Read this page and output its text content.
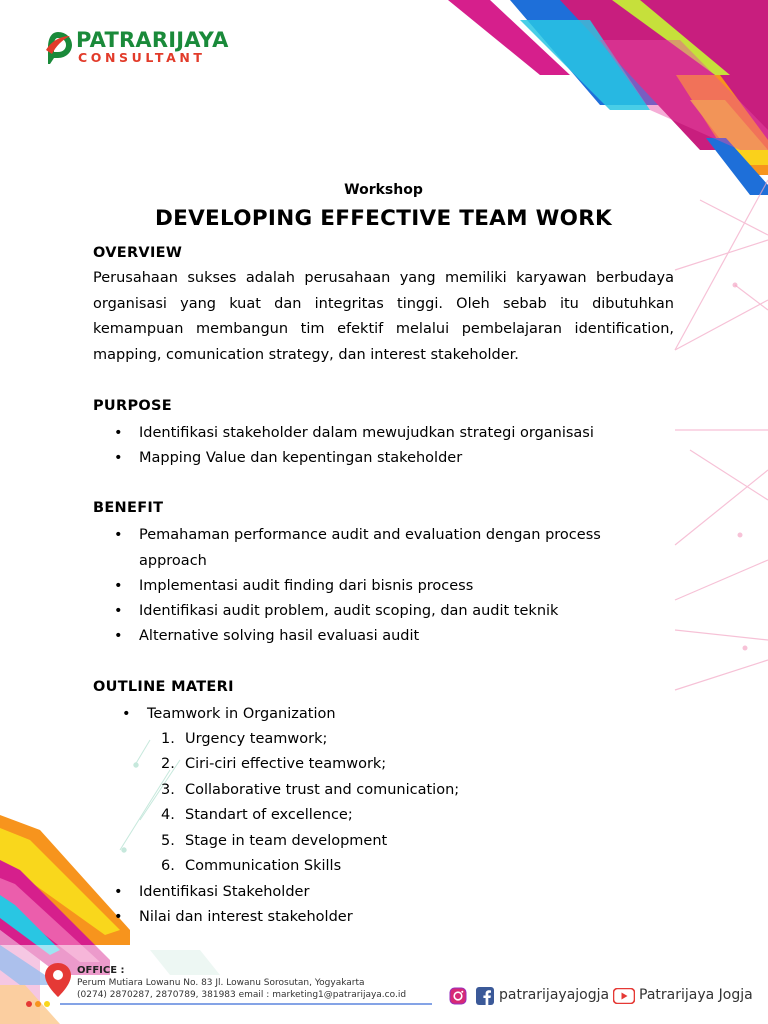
PATRARIJAYA
CONSULTANT
Workshop
DEVELOPING EFFECTIVE TEAM WORK
OVERVIEW

Perusahaan sukses adalah perusahaan yang memiliki karyawan berbudaya organisasi yang kuat dan integritas tinggi. Oleh sebab itu dibutuhkan kemampuan membangun tim efektif melalui pembelajaran identification, mapping, comunication strategy, dan interest stakeholder.

PURPOSE
• Identifikasi stakeholder dalam mewujudkan strategi organisasi
• Mapping Value dan kepentingan stakeholder
BENEFIT
• Pemahaman performance audit and evaluation dengan process approach
• Implementasi audit finding dari bisnis process
• Identifikasi audit problem, audit scoping, dan audit teknik
• Alternative solving hasil evaluasi audit
OUTLINE MATERI
• Teamwork in Organization
1. Urgency teamwork;
2. Ciri-ciri effective teamwork;
3. Collaborative trust and comunication;
4. Standart of excellence;
5. Stage in team development
6. Communication Skills
• Identifikasi Stakeholder
• Nilai dan interest stakeholder
OFFICE :
Perum Mutiara Lowanu No. 83 Jl. Lowanu Sorosutan, Yogyakarta
(0274) 2870287, 2870789, 381983 email : marketing1@patrarijaya.co.id	patrarijayajogja Patrarijaya Jogja
